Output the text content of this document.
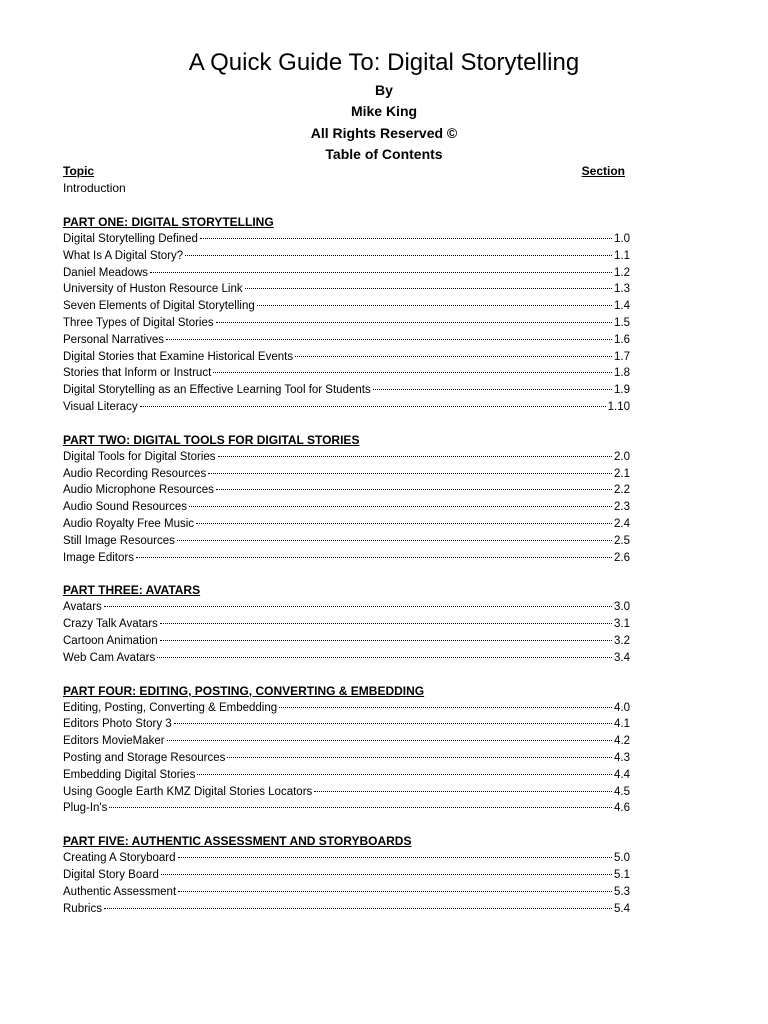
A Quick Guide To: Digital Storytelling
By
Mike King
All Rights Reserved ©
Table of Contents
Topic	Section
Introduction
PART ONE: DIGITAL STORYTELLING
Digital Storytelling Defined	1.0
What Is A Digital Story?	1.1
Daniel Meadows	1.2
University of Huston Resource Link	1.3
Seven Elements of Digital Storytelling	1.4
Three Types of Digital Stories	1.5
Personal Narratives	1.6
Digital Stories that Examine Historical Events	1.7
Stories that Inform or Instruct	1.8
Digital Storytelling as an Effective Learning Tool for Students	1.9
Visual Literacy	1.10
PART TWO: DIGITAL TOOLS FOR DIGITAL STORIES
Digital Tools for Digital Stories	2.0
Audio Recording Resources	2.1
Audio Microphone Resources	2.2
Audio Sound Resources	2.3
Audio Royalty Free Music	2.4
Still Image Resources	2.5
Image Editors	2.6
PART THREE: AVATARS
Avatars	3.0
Crazy Talk Avatars	3.1
Cartoon Animation	3.2
Web Cam Avatars	3.4
PART FOUR: EDITING, POSTING, CONVERTING & EMBEDDING
Editing, Posting, Converting & Embedding	4.0
Editors Photo Story 3	4.1
Editors MovieMaker	4.2
Posting and Storage Resources	4.3
Embedding Digital Stories	4.4
Using Google Earth KMZ Digital Stories Locators	4.5
Plug-In's	4.6
PART FIVE: AUTHENTIC ASSESSMENT AND STORYBOARDS
Creating A Storyboard	5.0
Digital Story Board	5.1
Authentic Assessment	5.3
Rubrics	5.4
